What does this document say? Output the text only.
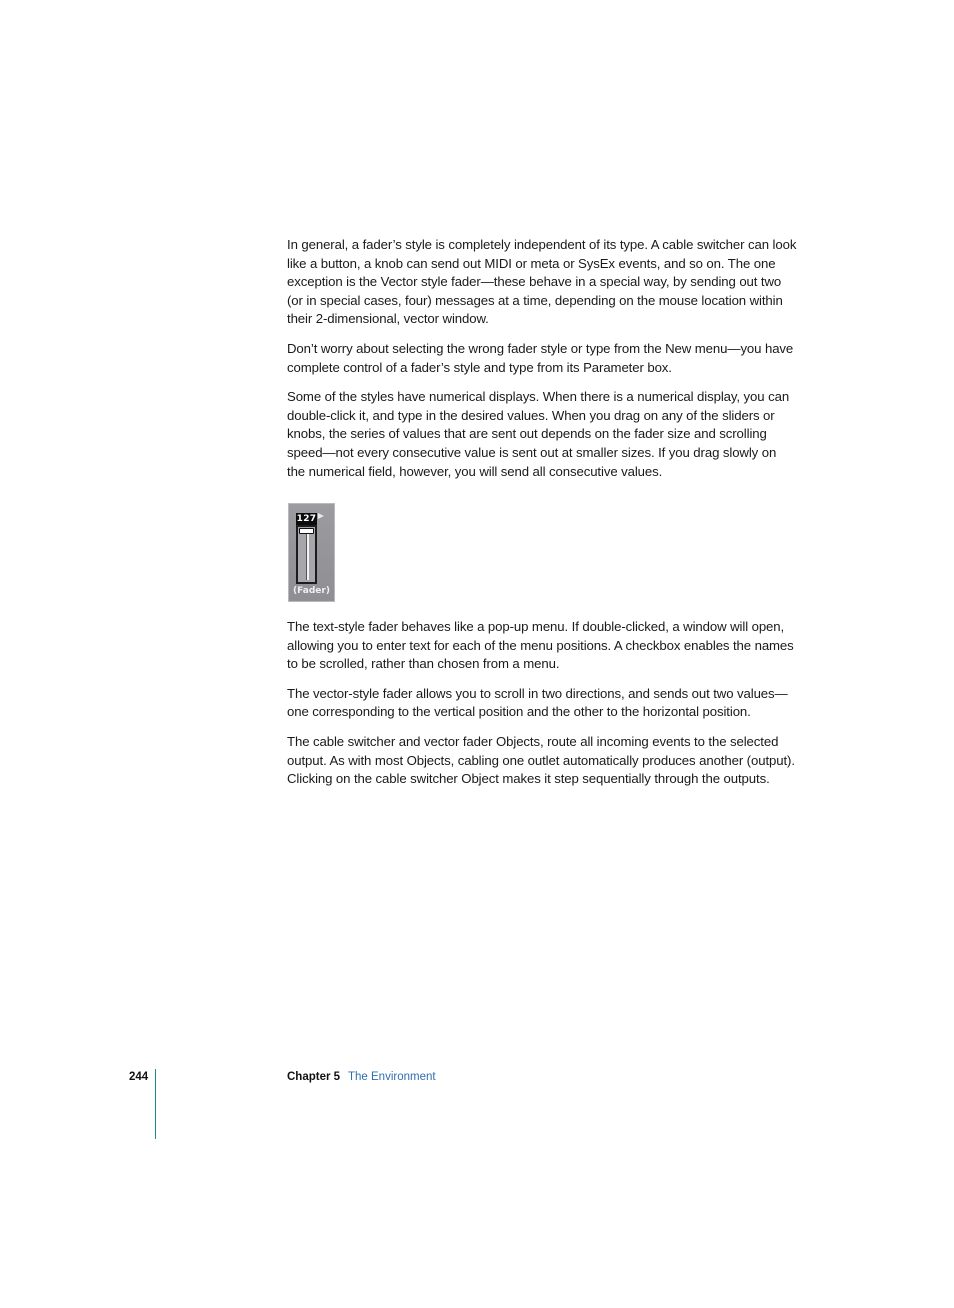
In general, a fader’s style is completely independent of its type. A cable switcher can look like a button, a knob can send out MIDI or meta or SysEx events, and so on. The one exception is the Vector style fader—these behave in a special way, by sending out two (or in special cases, four) messages at a time, depending on the mouse location within their 2-dimensional, vector window.

Don’t worry about selecting the wrong fader style or type from the New menu—you have complete control of a fader’s style and type from its Parameter box.

Some of the styles have numerical displays. When there is a numerical display, you can double-click it, and type in the desired values. When you drag on any of the sliders or knobs, the series of values that are sent out depends on the fader size and scrolling speed—not every consecutive value is sent out at smaller sizes. If you drag slowly on the numerical field, however, you will send all consecutive values.

127
(Fader)

The text-style fader behaves like a pop-up menu. If double-clicked, a window will open, allowing you to enter text for each of the menu positions. A checkbox enables the names to be scrolled, rather than chosen from a menu.

The vector-style fader allows you to scroll in two directions, and sends out two values—one corresponding to the vertical position and the other to the horizontal position.

The cable switcher and vector fader Objects, route all incoming events to the selected output. As with most Objects, cabling one outlet automatically produces another (output). Clicking on the cable switcher Object makes it step sequentially through the outputs.

244	Chapter 5 The Environment
